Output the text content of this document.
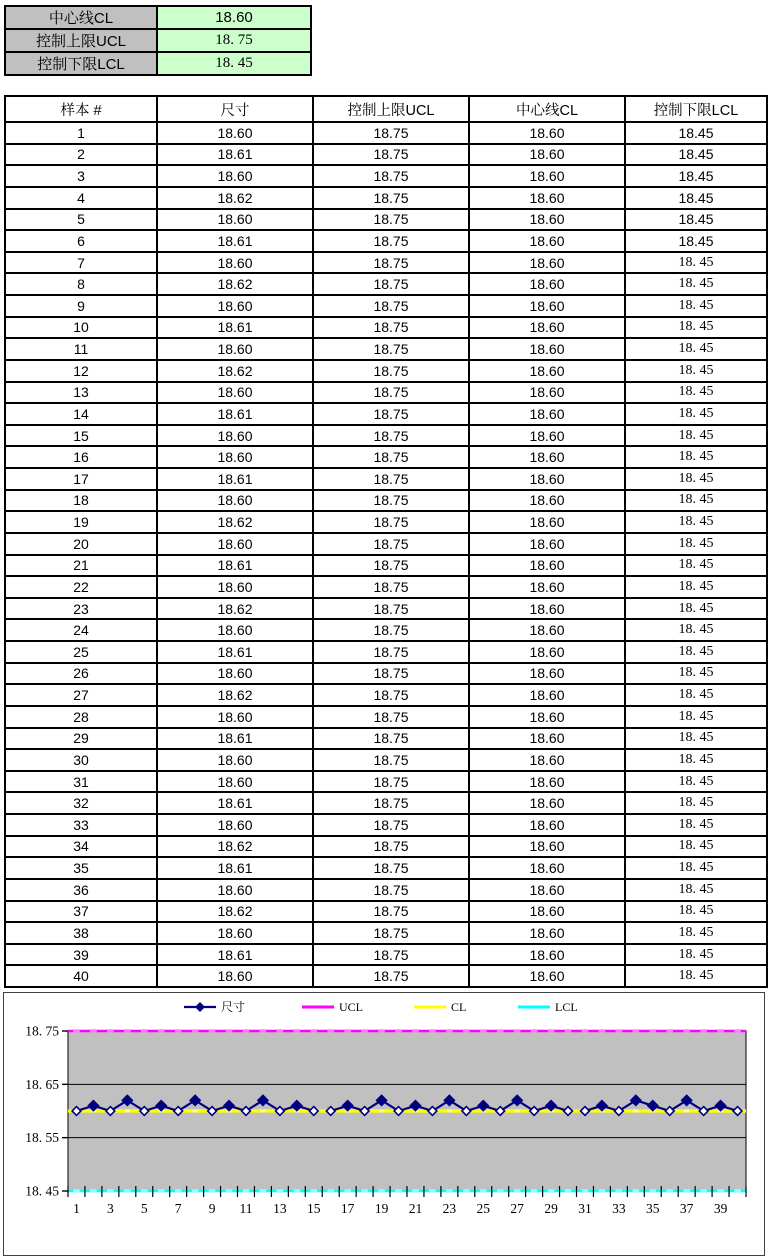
中心线CL	18.60
控制上限UCL	18. 75
控制下限LCL	18. 45
样本 #	尺寸	控制上限UCL	中心线CL	控制下限LCL
1	18.60	18.75	18.60	18.45
2	18.61	18.75	18.60	18.45
3	18.60	18.75	18.60	18.45
4	18.62	18.75	18.60	18.45
5	18.60	18.75	18.60	18.45
6	18.61	18.75	18.60	18.45
7	18.60	18.75	18.60	18. 45
8	18.62	18.75	18.60	18. 45
9	18.60	18.75	18.60	18. 45
10	18.61	18.75	18.60	18. 45
11	18.60	18.75	18.60	18. 45
12	18.62	18.75	18.60	18. 45
13	18.60	18.75	18.60	18. 45
14	18.61	18.75	18.60	18. 45
15	18.60	18.75	18.60	18. 45
16	18.60	18.75	18.60	18. 45
17	18.61	18.75	18.60	18. 45
18	18.60	18.75	18.60	18. 45
19	18.62	18.75	18.60	18. 45
20	18.60	18.75	18.60	18. 45
21	18.61	18.75	18.60	18. 45
22	18.60	18.75	18.60	18. 45
23	18.62	18.75	18.60	18. 45
24	18.60	18.75	18.60	18. 45
25	18.61	18.75	18.60	18. 45
26	18.60	18.75	18.60	18. 45
27	18.62	18.75	18.60	18. 45
28	18.60	18.75	18.60	18. 45
29	18.61	18.75	18.60	18. 45
30	18.60	18.75	18.60	18. 45
31	18.60	18.75	18.60	18. 45
32	18.61	18.75	18.60	18. 45
33	18.60	18.75	18.60	18. 45
34	18.62	18.75	18.60	18. 45
35	18.61	18.75	18.60	18. 45
36	18.60	18.75	18.60	18. 45
37	18.62	18.75	18.60	18. 45
38	18.60	18.75	18.60	18. 45
39	18.61	18.75	18.60	18. 45
40	18.60	18.75	18.60	18. 45
18. 75
18. 65
18. 55
18. 45
1 3 5 7 9 11 13 15 17 19 21 23 25 27 29 31 33 35 37 39
尺寸	UCL	CL	LCL
